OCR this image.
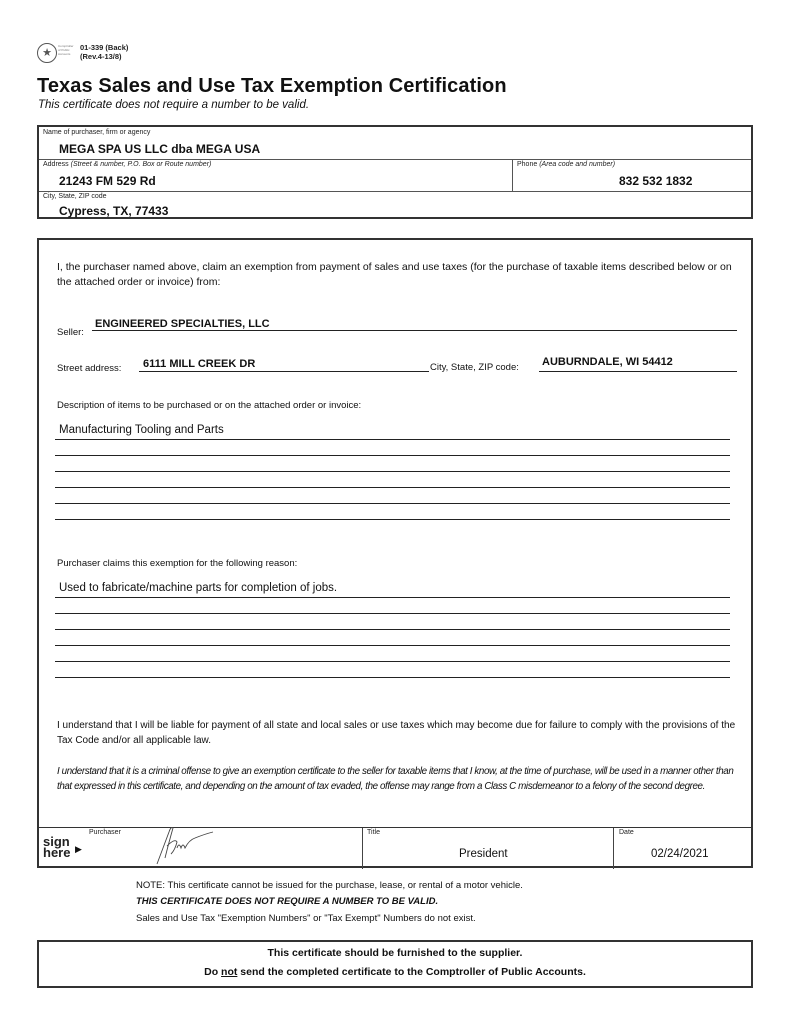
★
Comptroller of Public Accounts
01-339 (Back)
(Rev.4-13/8)
Texas Sales and Use Tax Exemption Certification
This certificate does not require a number to be valid.
Name of purchaser, firm or agency
MEGA SPA US LLC dba MEGA USA
Address (Street & number, P.O. Box or Route number)
21243 FM 529 Rd
Phone (Area code and number)
832 532 1832
City, State, ZIP code
Cypress, TX, 77433
I, the purchaser named above, claim an exemption from payment of sales and use taxes (for the purchase of taxable items described below or on the attached order or invoice) from:
Seller:
ENGINEERED SPECIALTIES, LLC
Street address: 6111 MILL CREEK DR	City, State, ZIP code: AUBURNDALE, WI 54412
Description of items to be purchased or on the attached order or invoice:
Manufacturing Tooling and Parts
Purchaser claims this exemption for the following reason:
Used to fabricate/machine parts for completion of jobs.
I understand that I will be liable for payment of all state and local sales or use taxes which may become due for failure to comply with the provisions of the Tax Code and/or all applicable law.
I understand that it is a criminal offense to give an exemption certificate to the seller for taxable items that I know, at the time of purchase, will be used in a manner other than that expressed in this certificate, and depending on the amount of tax evaded, the offense may range from a Class C misdemeanor to a felony of the second degree.
sign
here ▶
Purchaser	Title
President
Date
02/24/2021
NOTE: This certificate cannot be issued for the purchase, lease, or rental of a motor vehicle.
THIS CERTIFICATE DOES NOT REQUIRE A NUMBER TO BE VALID.
Sales and Use Tax "Exemption Numbers" or "Tax Exempt" Numbers do not exist.
This certificate should be furnished to the supplier.
Do not send the completed certificate to the Comptroller of Public Accounts.
